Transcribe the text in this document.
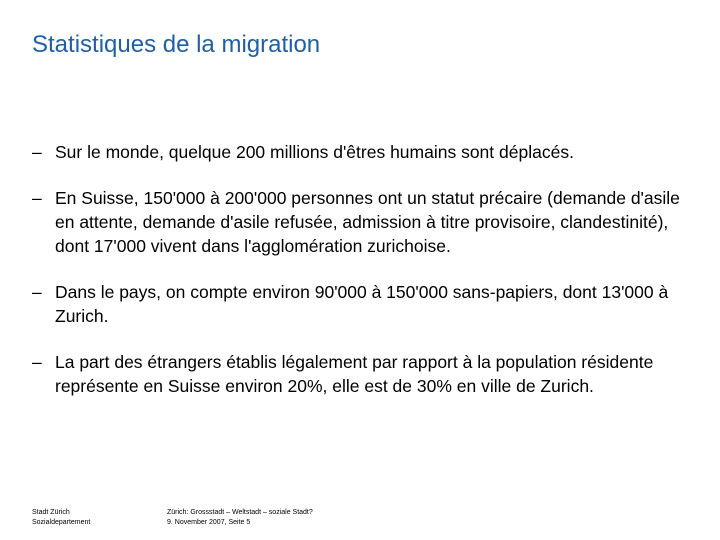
Statistiques de la migration
– Sur le monde, quelque 200 millions d'êtres humains sont déplacés.
– En Suisse, 150'000 à 200'000 personnes ont un statut précaire (demande d'asile en attente, demande d'asile refusée, admission à titre provisoire, clandestinité), dont 17'000 vivent dans l'agglomération zurichoise.
– Dans le pays, on compte environ 90'000 à 150'000 sans-papiers, dont 13'000 à Zurich.
– La part des étrangers établis légalement par rapport à la population résidente représente en Suisse environ 20%, elle est de 30% en ville de Zurich.
Stadt Zürich
Sozialdepartement
Zürich: Grossstadt – Weltstadt – soziale Stadt?
9. November 2007, Seite 5
